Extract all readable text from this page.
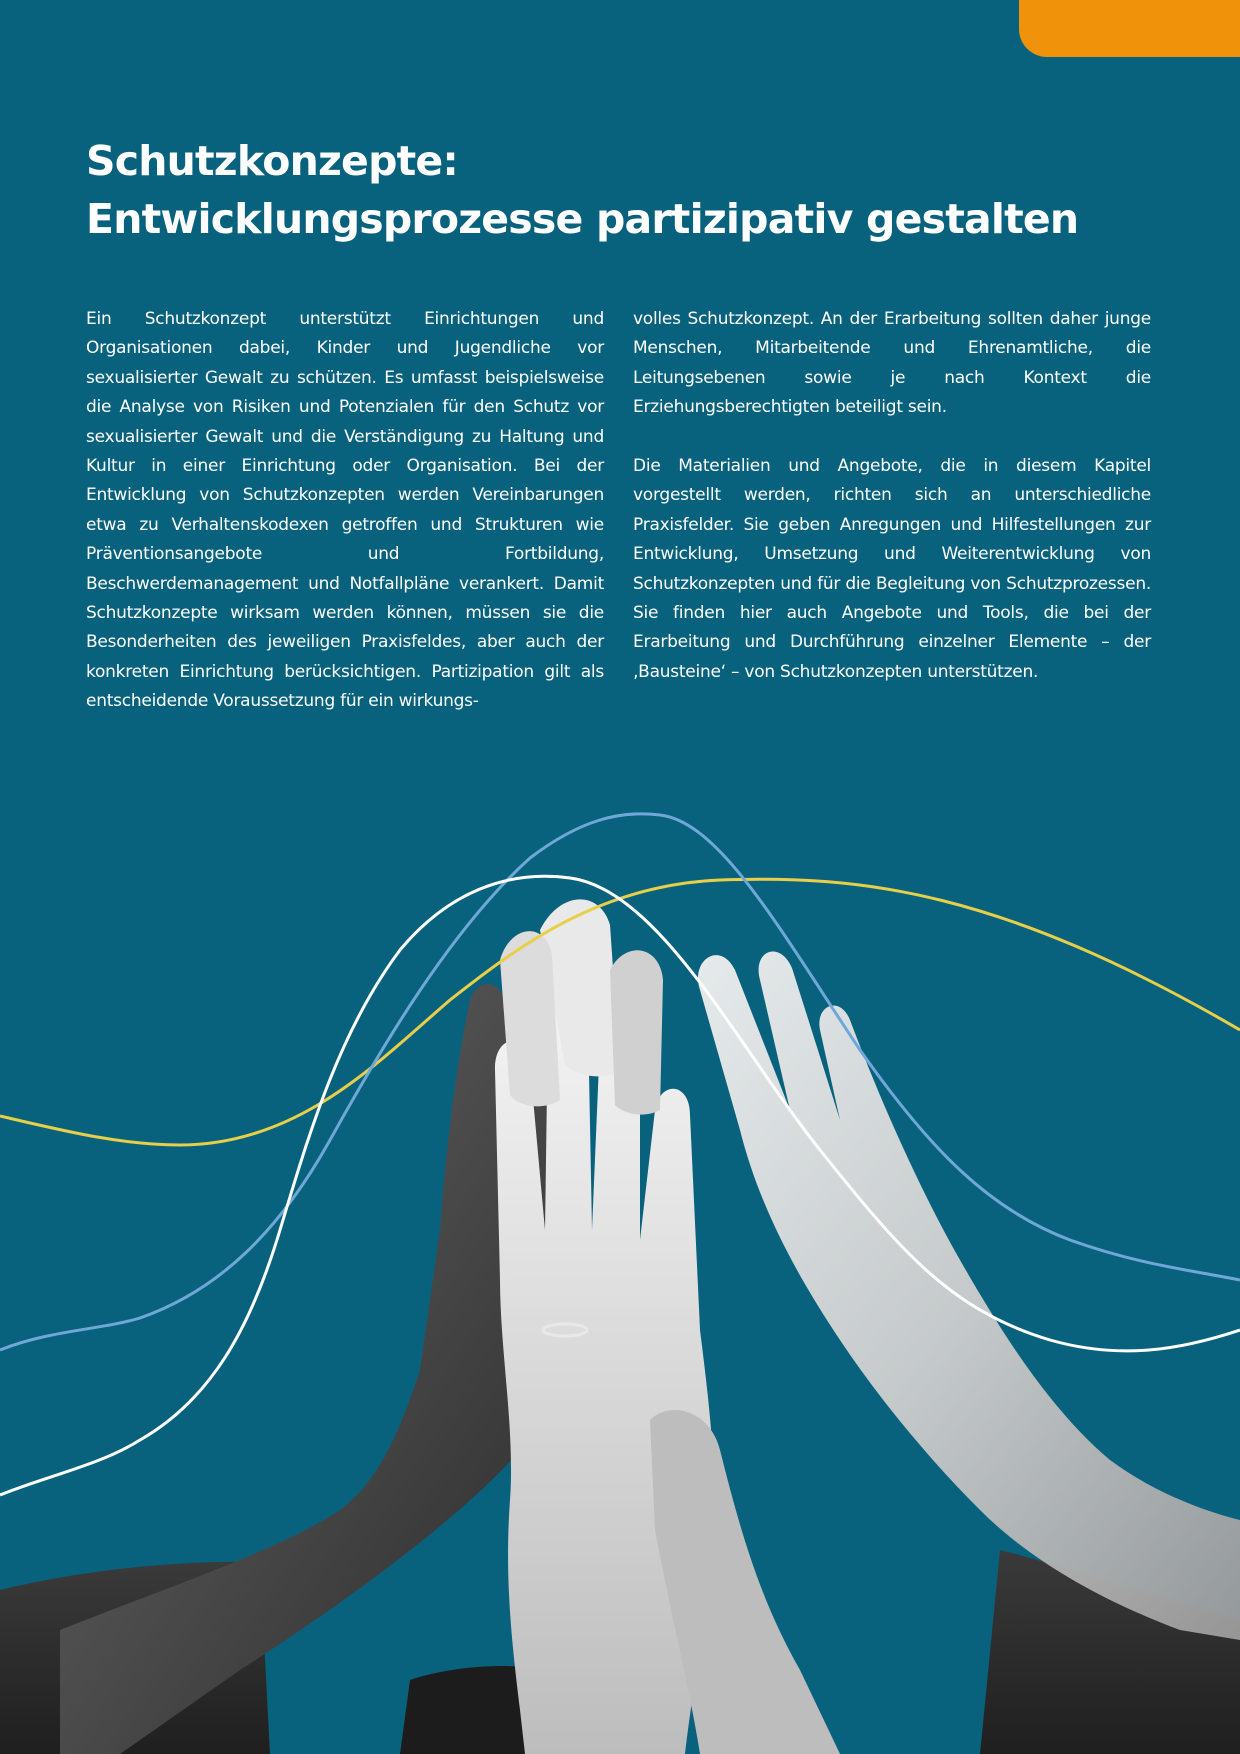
Schutzkonzepte:
Entwicklungsprozesse partizipativ gestalten

Ein Schutzkonzept unterstützt Einrichtungen und Organisationen dabei, Kinder und Jugendliche vor sexualisierter Gewalt zu schützen. Es umfasst beispielsweise die Analyse von Risiken und Potenzialen für den Schutz vor sexualisierter Gewalt und die Verständigung zu Haltung und Kultur in einer Einrichtung oder Organisation. Bei der Entwicklung von Schutzkonzepten werden Vereinbarungen etwa zu Verhaltenskodexen getroffen und Strukturen wie Präventionsangebote und Fortbildung, Beschwerdemanagement und Notfallpläne verankert. Damit Schutzkonzepte wirksam werden können, müssen sie die Besonderheiten des jeweiligen Praxisfeldes, aber auch der konkreten Einrichtung berücksichtigen. Partizipation gilt als entscheidende Voraussetzung für ein wirkungs-

volles Schutzkonzept. An der Erarbeitung sollten daher junge Menschen, Mitarbeitende und Ehrenamtliche, die Leitungsebenen sowie je nach Kontext die Erziehungsberechtigten beteiligt sein.

Die Materialien und Angebote, die in diesem Kapitel vorgestellt werden, richten sich an unterschiedliche Praxisfelder. Sie geben Anregungen und Hilfestellungen zur Entwicklung, Umsetzung und Weiterentwicklung von Schutzkonzepten und für die Begleitung von Schutzprozessen. Sie finden hier auch Angebote und Tools, die bei der Erarbeitung und Durchführung einzelner Elemente – der ‚Bausteine‘ – von Schutzkonzepten unterstützen.
